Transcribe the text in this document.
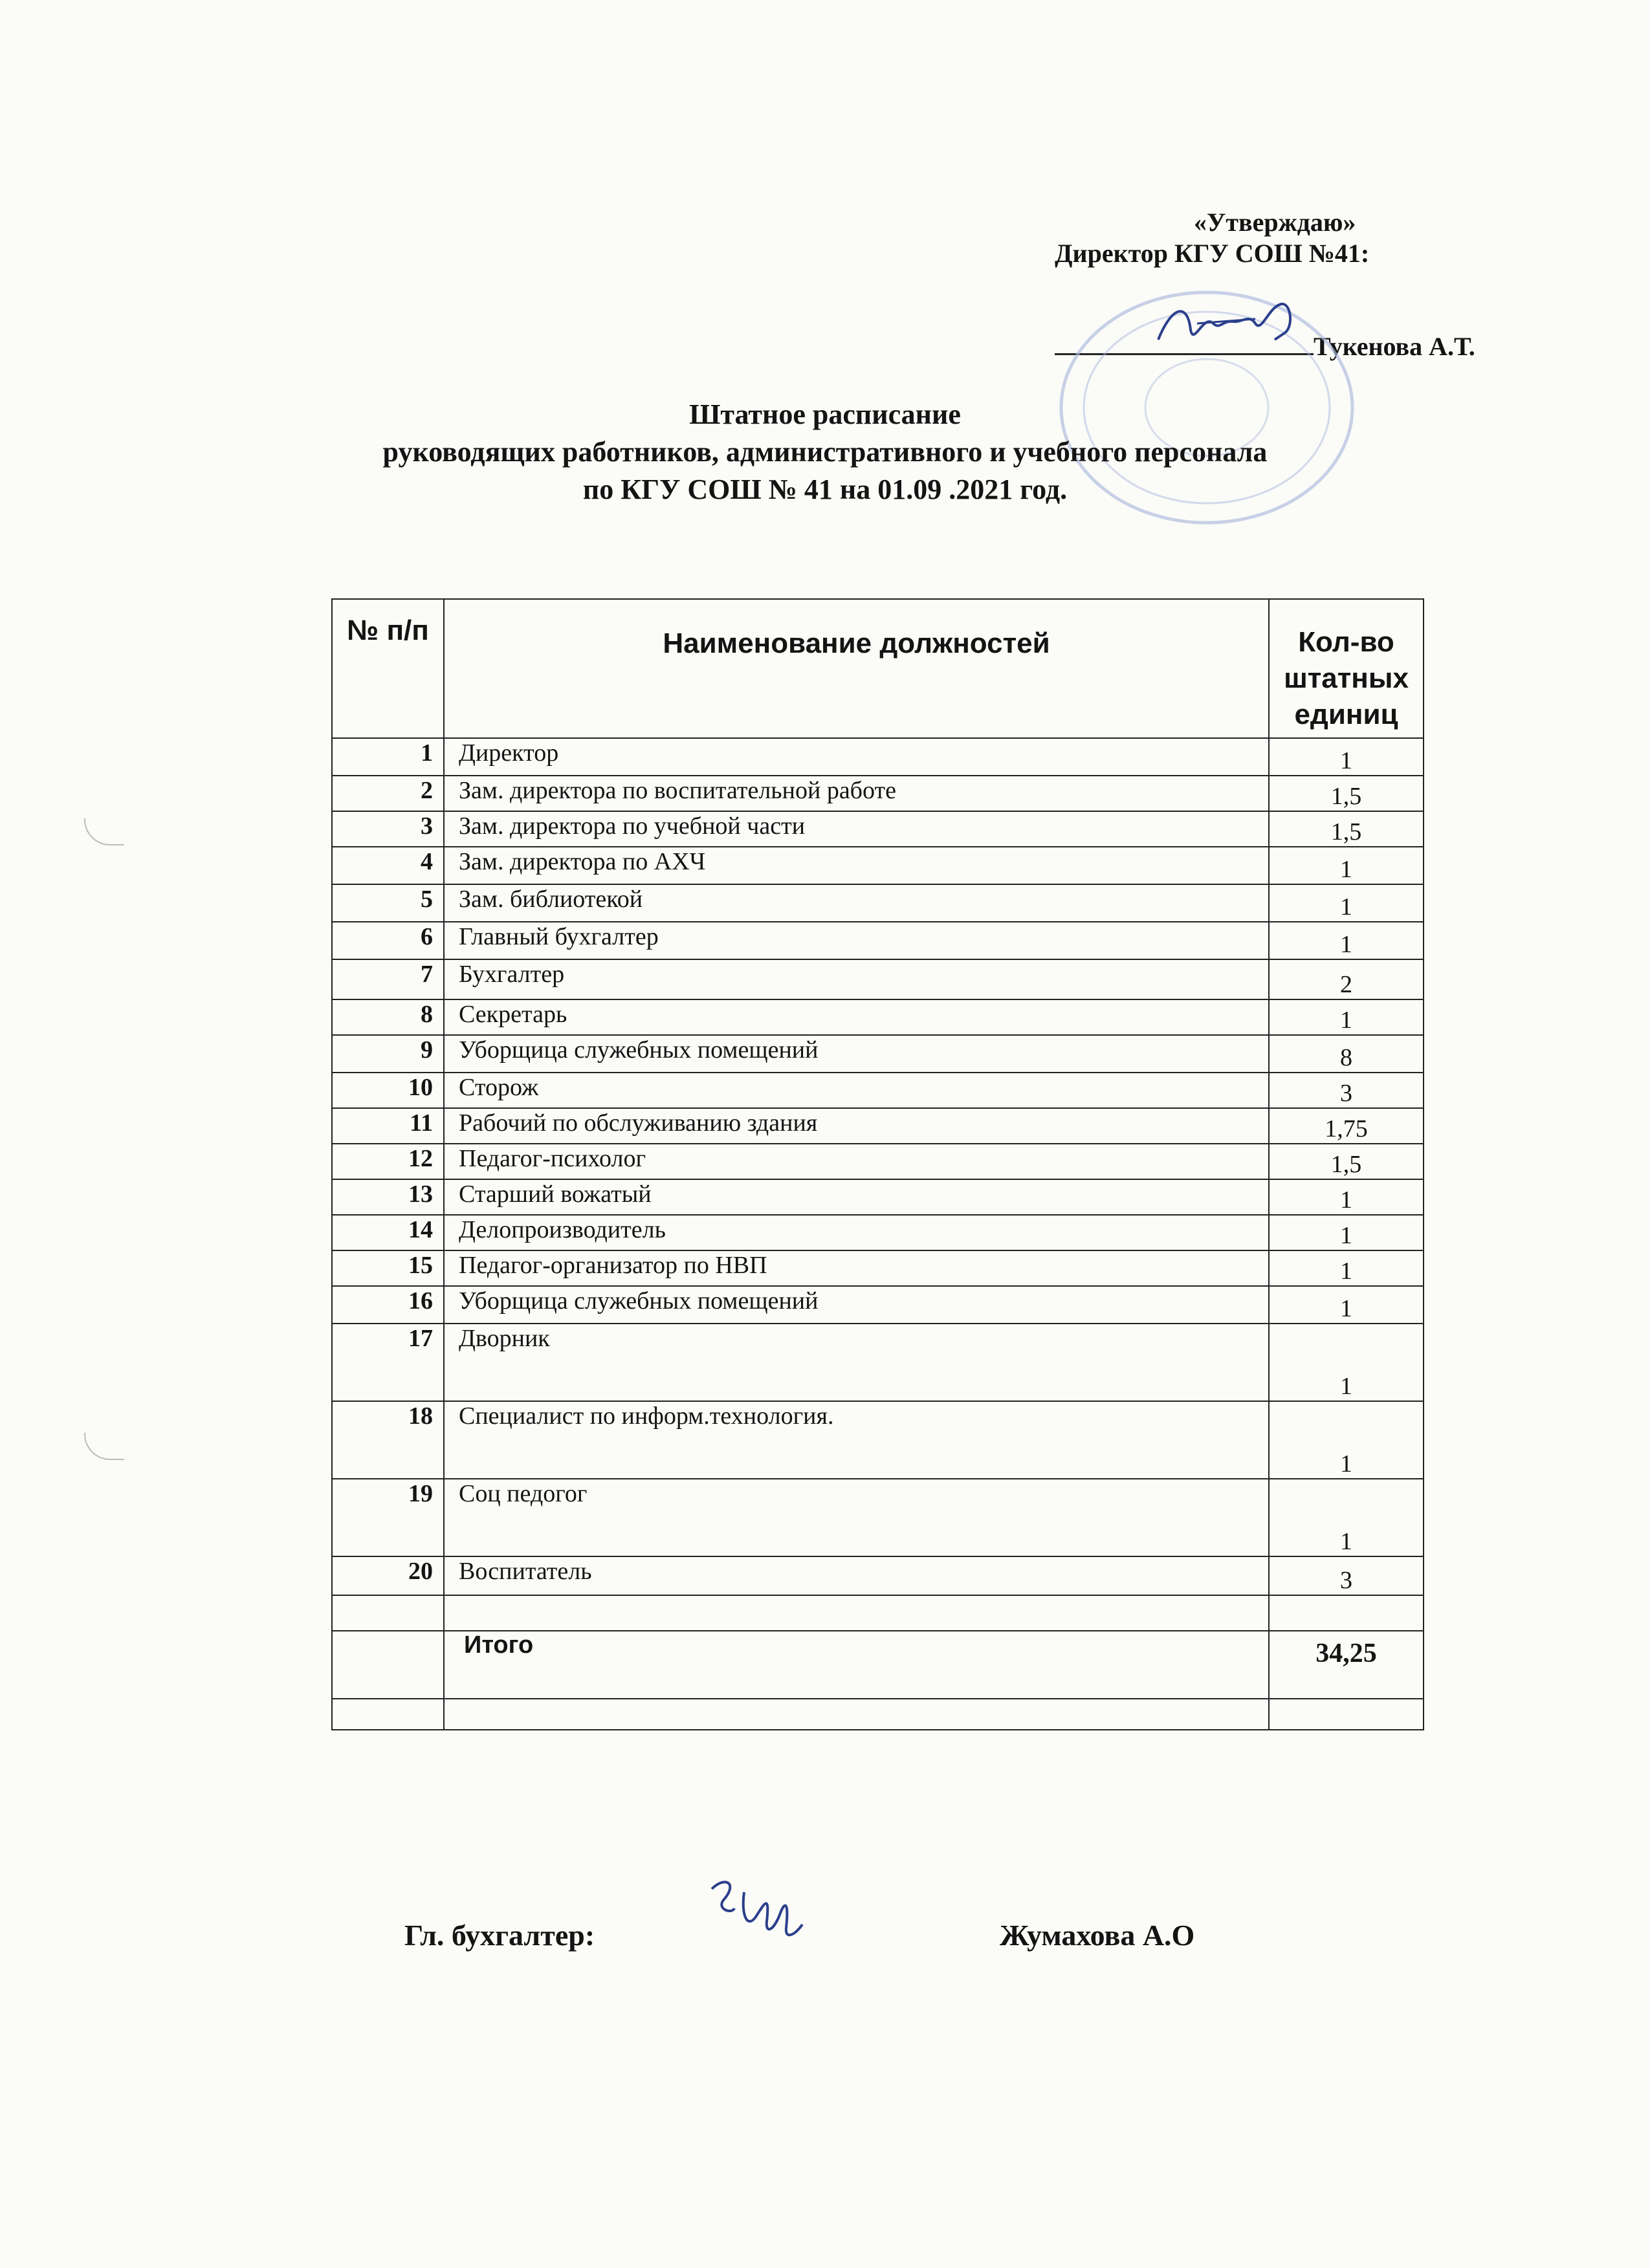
«Утверждаю»
Директор КГУ СОШ №41:
Тукенова А.Т.
Штатное расписание
руководящих работников, административного и учебного персонала
по КГУ СОШ № 41 на 01.09 .2021 год.
№ п/п	Наименование должностей	Кол-во штатных единиц
1	Директор	1
2	Зам. директора по воспитательной работе	1,5
3	Зам. директора по учебной части	1,5
4	Зам. директора по АХЧ	1
5	Зам. библиотекой	1
6	Главный бухгалтер	1
7	Бухгалтер	2
8	Секретарь	1
9	Уборщица служебных помещений	8
10	Сторож	3
11	Рабочий по обслуживанию здания	1,75
12	Педагог-психолог	1,5
13	Старший вожатый	1
14	Делопроизводитель	1
15	Педагог-организатор по НВП	1
16	Уборщица служебных помещений	1
17	Дворник	1
18	Специалист по информ.технология.	1
19	Соц педогог	1
20	Воспитатель	3

	Итого	34,25

Гл. бухгалтер:	Жумахова А.О
